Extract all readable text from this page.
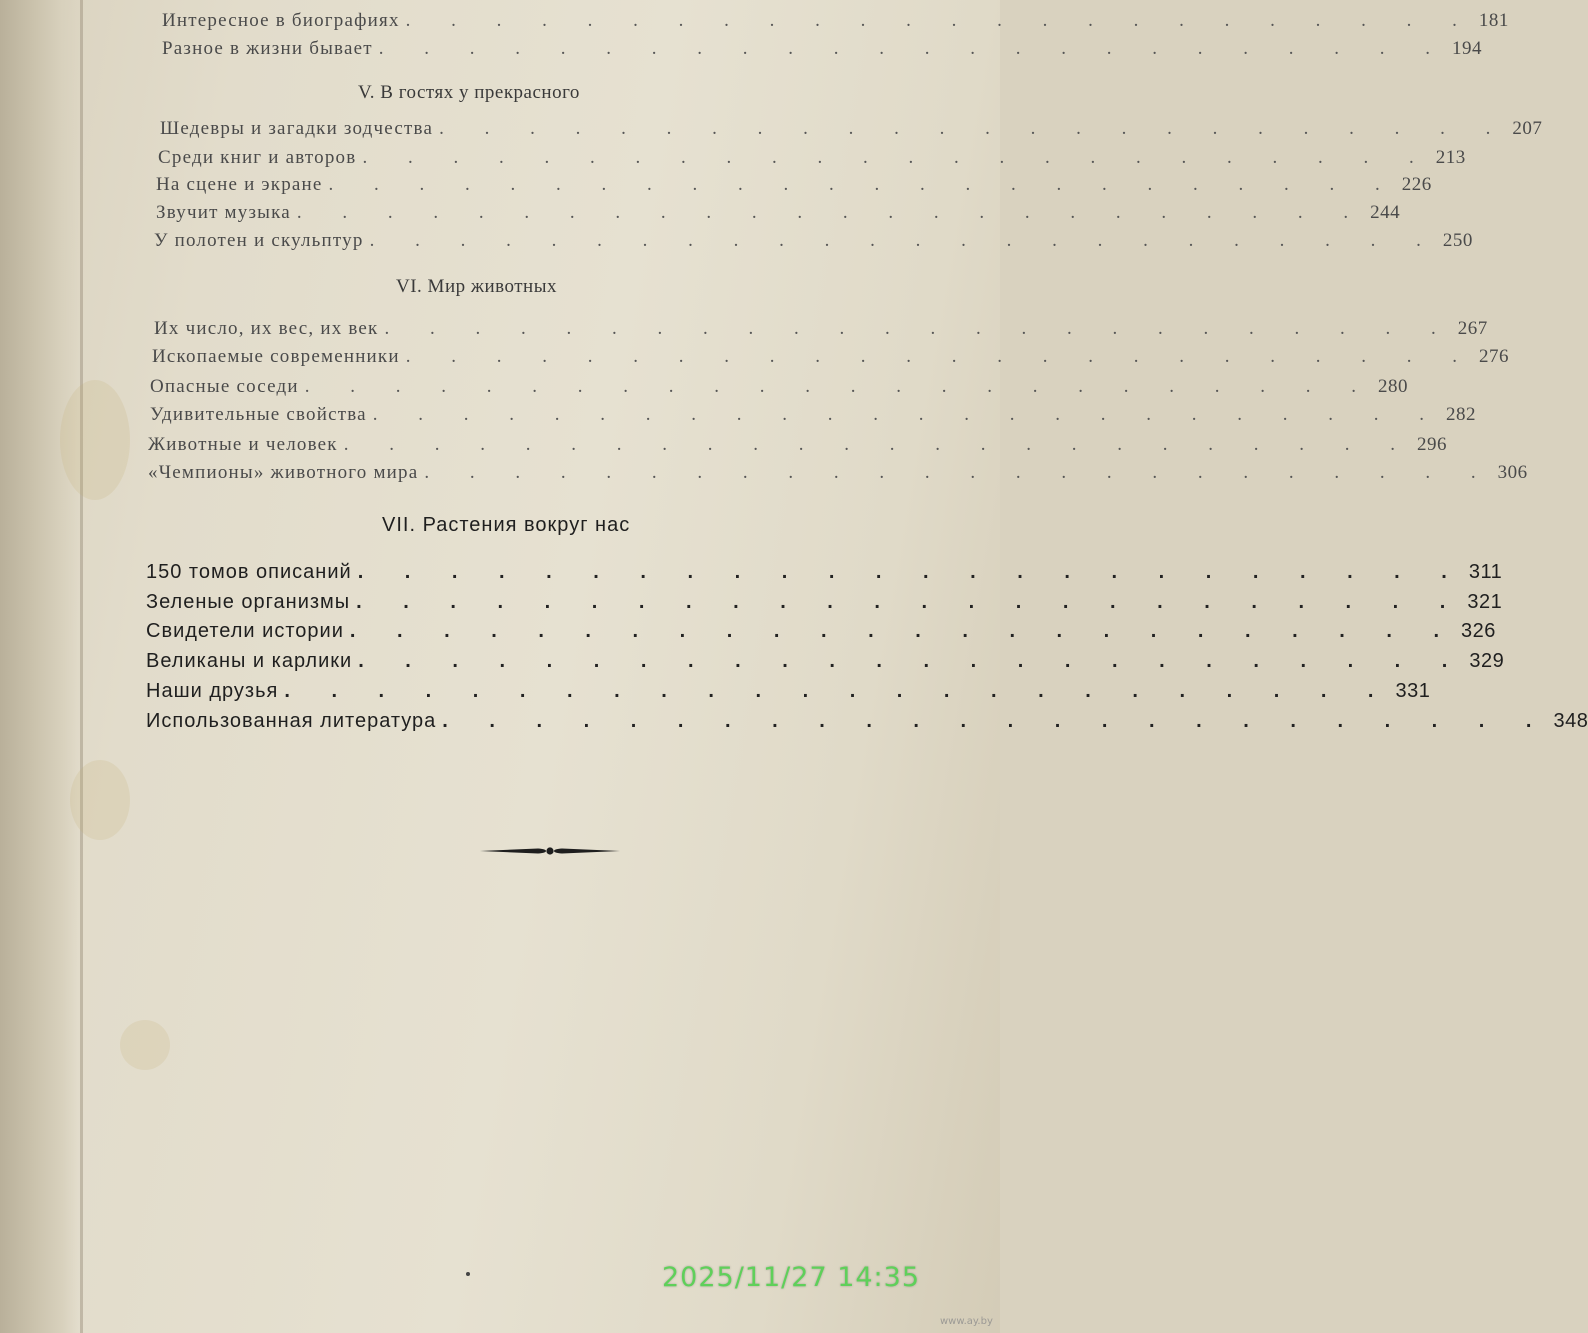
Интересное в биографиях . . . . . . . . . . . . . . . . . . . . . . . . 181
Разное в жизни бывает . . . . . . . . . . . . . . . . . . . . . . . . 194
V. В гостях у прекрасного
Шедевры и загадки зодчества . . . . . . . . . . . . . . . . . . . . . . . . 207
Среди книг и авторов . . . . . . . . . . . . . . . . . . . . . . . . 213
На сцене и экране . . . . . . . . . . . . . . . . . . . . . . . . 226
Звучит музыка . . . . . . . . . . . . . . . . . . . . . . . . 244
У полотен и скульптур . . . . . . . . . . . . . . . . . . . . . . . . 250
VI. Мир животных
Их число, их вес, их век . . . . . . . . . . . . . . . . . . . . . . . . 267
Ископаемые современники . . . . . . . . . . . . . . . . . . . . . . . . 276
Опасные соседи . . . . . . . . . . . . . . . . . . . . . . . . 280
Удивительные свойства . . . . . . . . . . . . . . . . . . . . . . . . 282
Животные и человек . . . . . . . . . . . . . . . . . . . . . . . . 296
«Чемпионы» животного мира . . . . . . . . . . . . . . . . . . . . . . . . 306
VII. Растения вокруг нас
150 томов описаний . . . . . . . . . . . . . . . . . . . . . . . . 311
Зеленые организмы . . . . . . . . . . . . . . . . . . . . . . . . 321
Свидетели истории . . . . . . . . . . . . . . . . . . . . . . . . 326
Великаны и карлики . . . . . . . . . . . . . . . . . . . . . . . . 329
Наши друзья . . . . . . . . . . . . . . . . . . . . . . . . 331
Использованная литература . . . . . . . . . . . . . . . . . . . . . . . . 348
2025/11/27 14:35
www.ay.by
